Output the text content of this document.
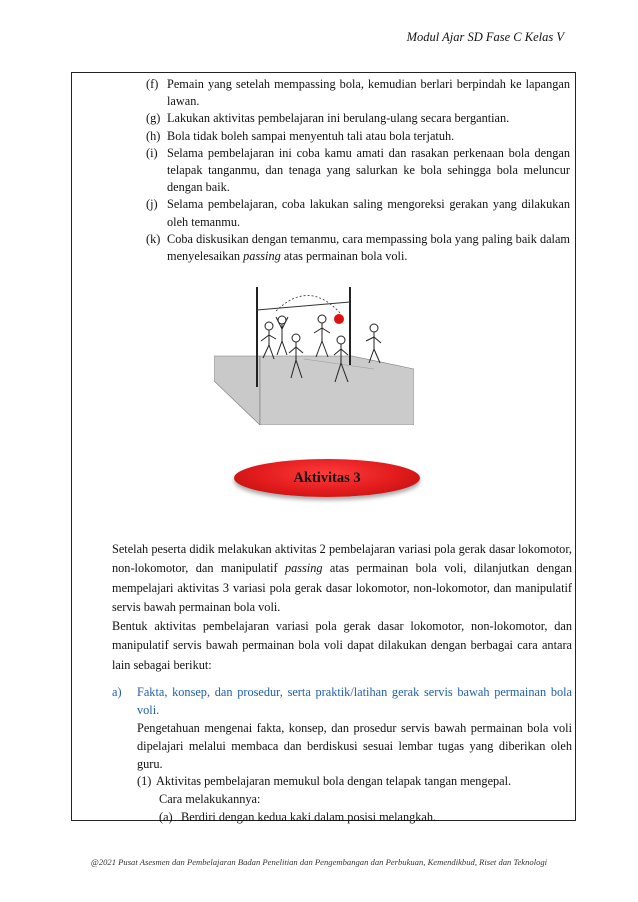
Modul Ajar SD Fase C Kelas V
(f) Pemain yang setelah mempassing bola, kemudian berlari berpindah ke lapangan lawan.
(g) Lakukan aktivitas pembelajaran ini berulang-ulang secara bergantian.
(h) Bola tidak boleh sampai menyentuh tali atau bola terjatuh.
(i) Selama pembelajaran ini coba kamu amati dan rasakan perkenaan bola dengan telapak tanganmu, dan tenaga yang salurkan ke bola sehingga bola meluncur dengan baik.
(j) Selama pembelajaran, coba lakukan saling mengoreksi gerakan yang dilakukan oleh temanmu.
(k) Coba diskusikan dengan temanmu, cara mempassing bola yang paling baik dalam menyelesaikan passing atas permainan bola voli.
Aktivitas 3

Setelah peserta didik melakukan aktivitas 2 pembelajaran variasi pola gerak dasar lokomotor, non-lokomotor, dan manipulatif passing atas permainan bola voli, dilanjutkan dengan mempelajari aktivitas 3 variasi pola gerak dasar lokomotor, non-lokomotor, dan manipulatif servis bawah permainan bola voli.

Bentuk aktivitas pembelajaran variasi pola gerak dasar lokomotor, non-lokomotor, dan manipulatif servis bawah permainan bola voli dapat dilakukan dengan berbagai cara antara lain sebagai berikut:

a)	Fakta, konsep, dan prosedur, serta praktik/latihan gerak servis bawah permainan bola voli.
Pengetahuan mengenai fakta, konsep, dan prosedur servis bawah permainan bola voli dipelajari melalui membaca dan berdiskusi sesuai lembar tugas yang diberikan oleh guru.
(1) Aktivitas pembelajaran memukul bola dengan telapak tangan mengepal.
Cara melakukannya:
(a) Berdiri dengan kedua kaki dalam posisi melangkah.
@2021 Pusat Asesmen dan Pembelajaran Badan Penelitian dan Pengembangan dan Perbukuan, Kemendikbud, Riset dan Teknologi
